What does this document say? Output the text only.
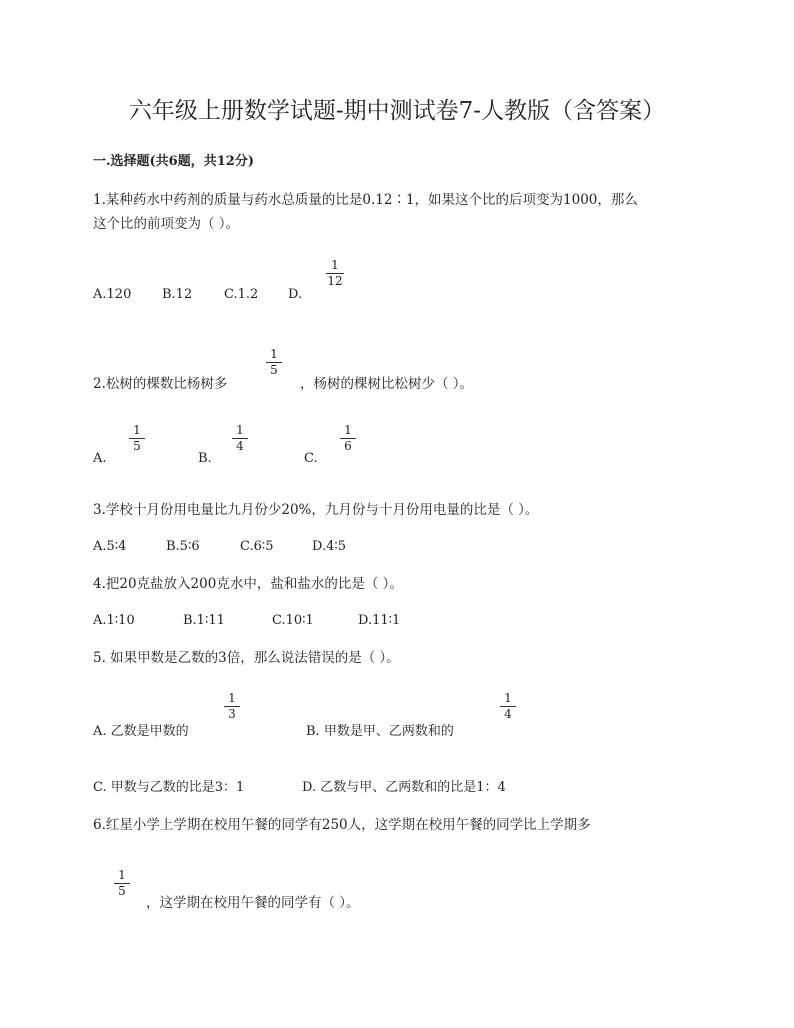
六年级上册数学试题-期中测试卷7-人教版（含答案）
一.选择题(共6题，共12分)
1.某种药水中药剂的质量与药水总质量的比是0.12∶1，如果这个比的后项变为1000，那么
这个比的前项变为（ ）。
A.120 B.12 C.1.2 D.
1
12
2.松树的棵数比杨树多
1
5
，杨树的棵树比松树少（ ）。
A.
1
5
B.
1
4
C.
1
6
3.学校十月份用电量比九月份少20%，九月份与十月份用电量的比是（ ）。
A.5∶4	B.5∶6	C.6∶5	D.4∶5
4.把20克盐放入200克水中，盐和盐水的比是（ ）。
A.1∶10	B.1∶11	C.10∶1	D.11∶1
5. 如果甲数是乙数的3倍，那么说法错误的是（ ）。
A. 乙数是甲数的
1
3
B. 甲数是甲、乙两数和的
1
4
C. 甲数与乙数的比是3：1	D. 乙数与甲、乙两数和的比是1：4
6.红星小学上学期在校用午餐的同学有250人，这学期在校用午餐的同学比上学期多
1
5
，这学期在校用午餐的同学有（ ）。
